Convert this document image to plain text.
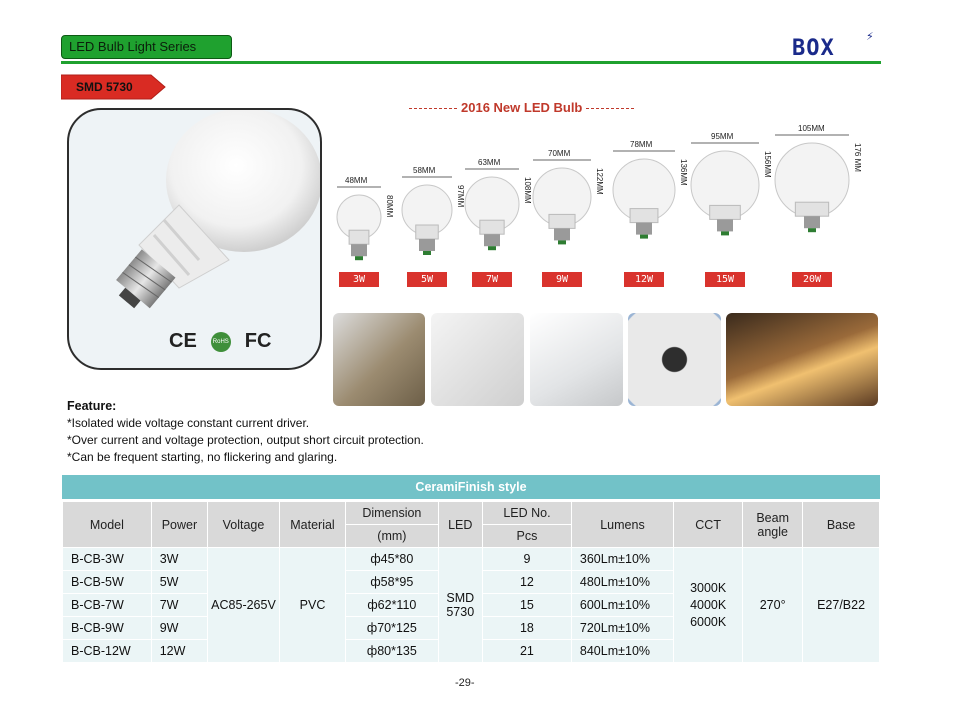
LED Bulb Light Series	BOX	⚡
SMD 5730
CE	RoHS FC
2016 New LED Bulb
48MM
80MM
3W
58MM
97MM
5W
63MM
108MM
7W
70MM
122MM
9W
78MM
136MM
12W
95MM
156MM
15W
105MM
176 MM
20W
Feature:
*Isolated wide voltage constant current driver.
*Over current and voltage protection, output short circuit protection.
*Can be frequent starting, no flickering and glaring.
CeramiFinish style
Model	Power	Voltage	Material	Dimension	LED	LED No.	Lumens	CCT	Beam angle	Base
				(mm)		Pcs				
B-CB-3W	3W	AC85-265V	PVC	ф45*80	SMD 5730	9	360Lm±10%	3000K 4000K 6000K	270°	E27/B22
B-CB-5W	5W			ф58*95		12	480Lm±10%			
B-CB-7W	7W			ф62*110		15	600Lm±10%			
B-CB-9W	9W			ф70*125		18	720Lm±10%			
B-CB-12W	12W			ф80*135		21	840Lm±10%			
-29-
